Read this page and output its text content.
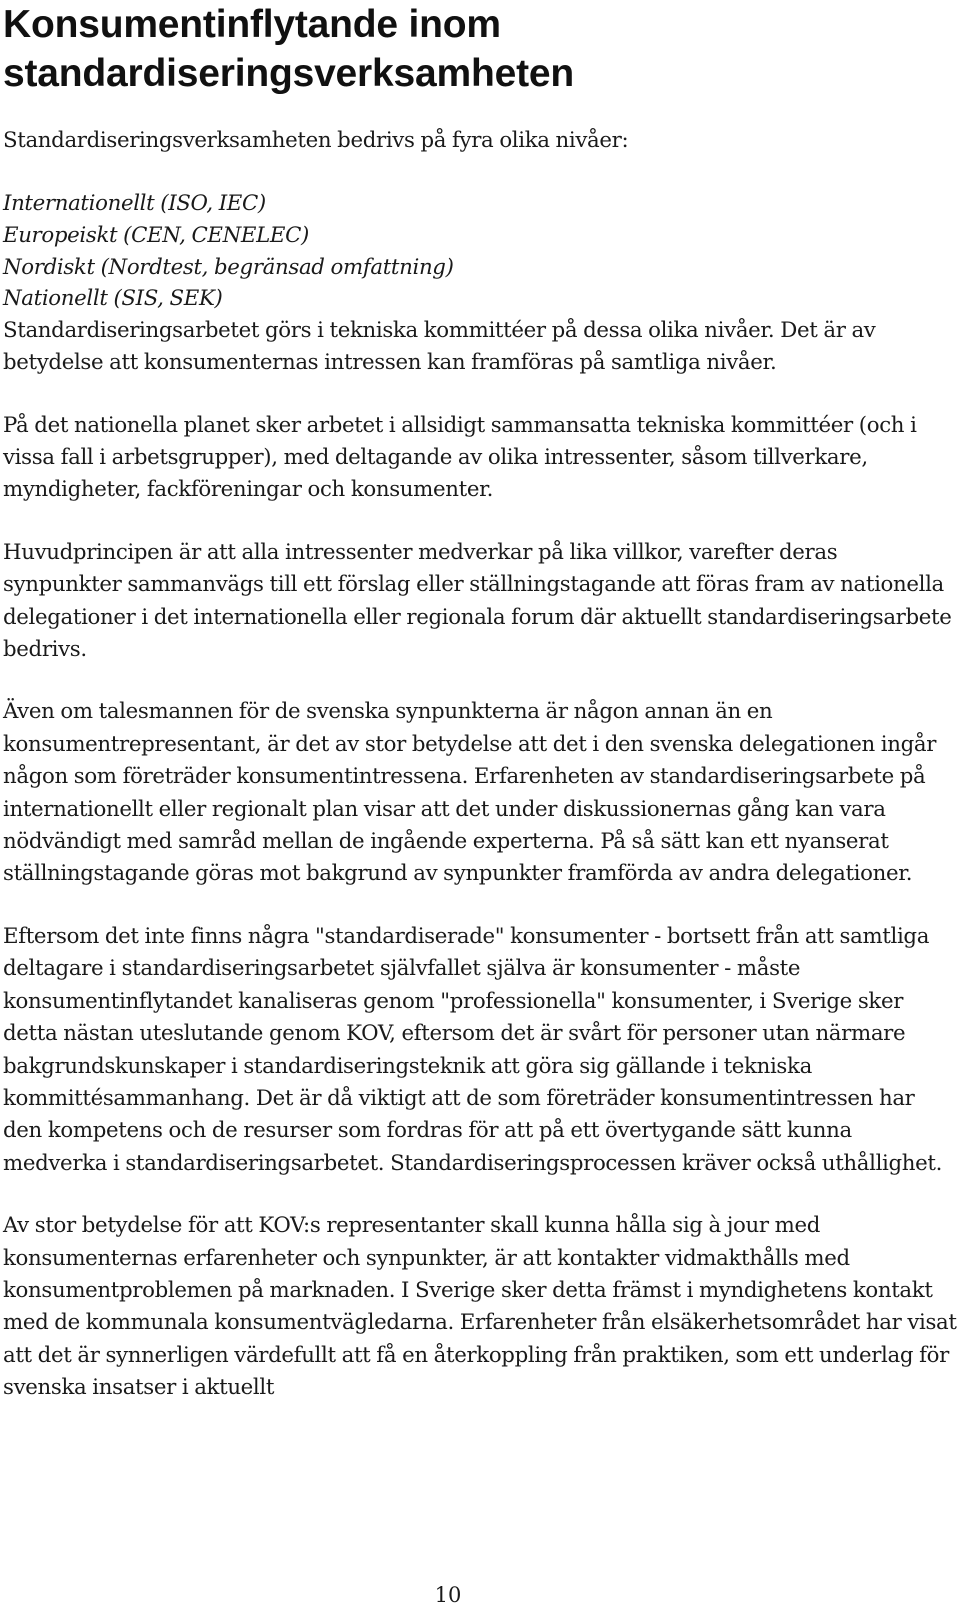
Konsumentinflytande inom standardiseringsverksamheten

Standardiseringsverksamheten bedrivs på fyra olika nivåer:

Internationellt (ISO, IEC)
Europeiskt (CEN, CENELEC)
Nordiskt (Nordtest, begränsad omfattning)
Nationellt (SIS, SEK)

Standardiseringsarbetet görs i tekniska kommittéer på dessa olika nivåer. Det är av betydelse att konsumenternas intressen kan framföras på samtliga nivåer.

På det nationella planet sker arbetet i allsidigt sammansatta tekniska kommittéer (och i vissa fall i arbetsgrupper), med deltagande av olika intressenter, såsom tillverkare, myndigheter, fackföreningar och konsumenter.

Huvudprincipen är att alla intressenter medverkar på lika villkor, varefter deras synpunkter sammanvägs till ett förslag eller ställningstagande att föras fram av nationella delegationer i det internationella eller regionala forum där aktuellt standardiseringsarbete bedrivs.

Även om talesmannen för de svenska synpunkterna är någon annan än en konsumentrepresentant, är det av stor betydelse att det i den svenska delegationen ingår någon som företräder konsumentintressena. Erfarenheten av standardiseringsarbete på internationellt eller regionalt plan visar att det under diskussionernas gång kan vara nödvändigt med samråd mellan de ingående experterna. På så sätt kan ett nyanserat ställningstagande göras mot bakgrund av synpunkter framförda av andra delegationer.

Eftersom det inte finns några "standardiserade" konsumenter - bortsett från att samtliga deltagare i standardiseringsarbetet självfallet själva är konsumenter - måste konsumentinflytandet kanaliseras genom "professionella" konsumenter, i Sverige sker detta nästan uteslutande genom KOV, eftersom det är svårt för personer utan närmare bakgrundskunskaper i standardiseringsteknik att göra sig gällande i tekniska kommittésammanhang. Det är då viktigt att de som företräder konsumentintressen har den kompetens och de resurser som fordras för att på ett övertygande sätt kunna medverka i standardiseringsarbetet. Standardiseringsprocessen kräver också uthållighet.

Av stor betydelse för att KOV:s representanter skall kunna hålla sig à jour med konsumenternas erfarenheter och synpunkter, är att kontakter vidmakthålls med konsumentproblemen på marknaden. I Sverige sker detta främst i myndighetens kontakt med de kommunala konsumentvägledarna. Erfarenheter från elsäkerhetsområdet har visat att det är synnerligen värdefullt att få en återkoppling från praktiken, som ett underlag för svenska insatser i aktuellt

10
